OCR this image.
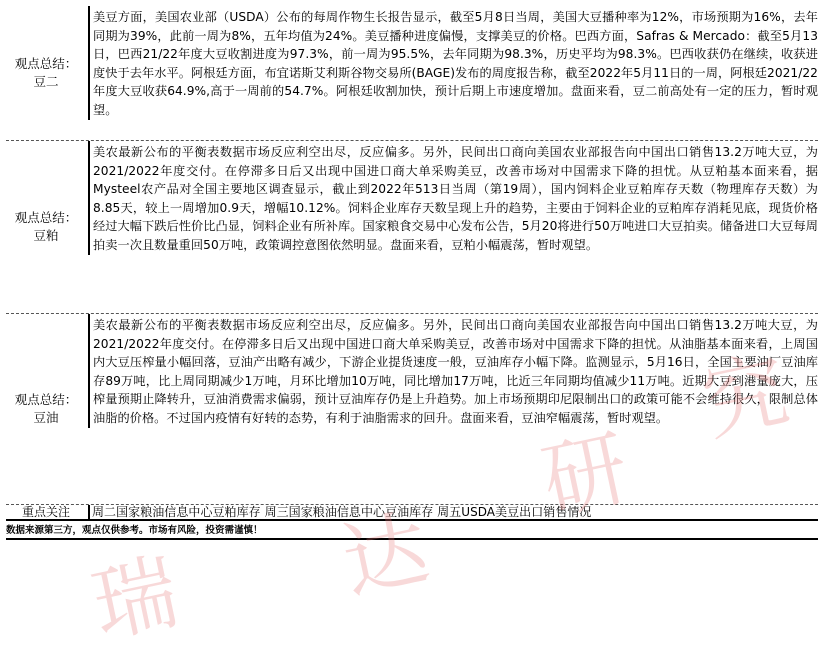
观点总结：
豆二
美豆方面，美国农业部（USDA）公布的每周作物生长报告显示，截至5月8日当周，美国大豆播种率为12%，市场预期为16%，去年同期为39%，此前一周为8%，五年均值为24%。美豆播种进度偏慢，支撑美豆的价格。巴西方面，Safras & Mercado：截至5月13日，巴西21/22年度大豆收割进度为97.3%，前一周为95.5%，去年同期为98.3%，历史平均为98.3%。巴西收获仍在继续，收获进度快于去年水平。阿根廷方面，布宜诺斯艾利斯谷物交易所(BAGE)发布的周度报告称，截至2022年5月11日的一周，阿根廷2021/22年度大豆收获64.9%,高于一周前的54.7%。阿根廷收割加快，预计后期上市速度增加。盘面来看，豆二前高处有一定的压力，暂时观望。
观点总结：
豆粕
美农最新公布的平衡表数据市场反应利空出尽，反应偏多。另外，民间出口商向美国农业部报告向中国出口销售13.2万吨大豆，为2021/2022年度交付。在停滞多日后又出现中国进口商大单采购美豆，改善市场对中国需求下降的担忧。从豆粕基本面来看，据Mysteel农产品对全国主要地区调查显示，截止到2022年513日当周（第19周），国内饲料企业豆粕库存天数（物理库存天数）为8.85天，较上一周增加0.9天，增幅10.12%。饲料企业库存天数呈现上升的趋势，主要由于饲料企业的豆粕库存消耗见底，现货价格经过大幅下跌后性价比凸显，饲料企业有所补库。国家粮食交易中心发布公告，5月20将进行50万吨进口大豆拍卖。储备进口大豆每周拍卖一次且数量重回50万吨，政策调控意图依然明显。盘面来看，豆粕小幅震荡，暂时观望。
观点总结：
豆油
美农最新公布的平衡表数据市场反应利空出尽，反应偏多。另外，民间出口商向美国农业部报告向中国出口销售13.2万吨大豆，为2021/2022年度交付。在停滞多日后又出现中国进口商大单采购美豆，改善市场对中国需求下降的担忧。从油脂基本面来看，上周国内大豆压榨量小幅回落，豆油产出略有减少，下游企业提货速度一般，豆油库存小幅下降。监测显示，5月16日，全国主要油厂豆油库存89万吨，比上周同期减少1万吨，月环比增加10万吨，同比增加17万吨，比近三年同期均值减少11万吨。近期大豆到港量庞大，压榨量预期止降转升，豆油消费需求偏弱，预计豆油库存仍是上升趋势。加上市场预期印尼限制出口的政策可能不会维持很久，限制总体油脂的价格。不过国内疫情有好转的态势，有利于油脂需求的回升。盘面来看，豆油窄幅震荡，暂时观望。
重点关注	周二国家粮油信息中心豆粕库存 周三国家粮油信息中心豆油库存 周五USDA美豆出口销售情况
数据来源第三方，观点仅供参考。市场有风险，投资需谨慎！
瑞 达
研
究
